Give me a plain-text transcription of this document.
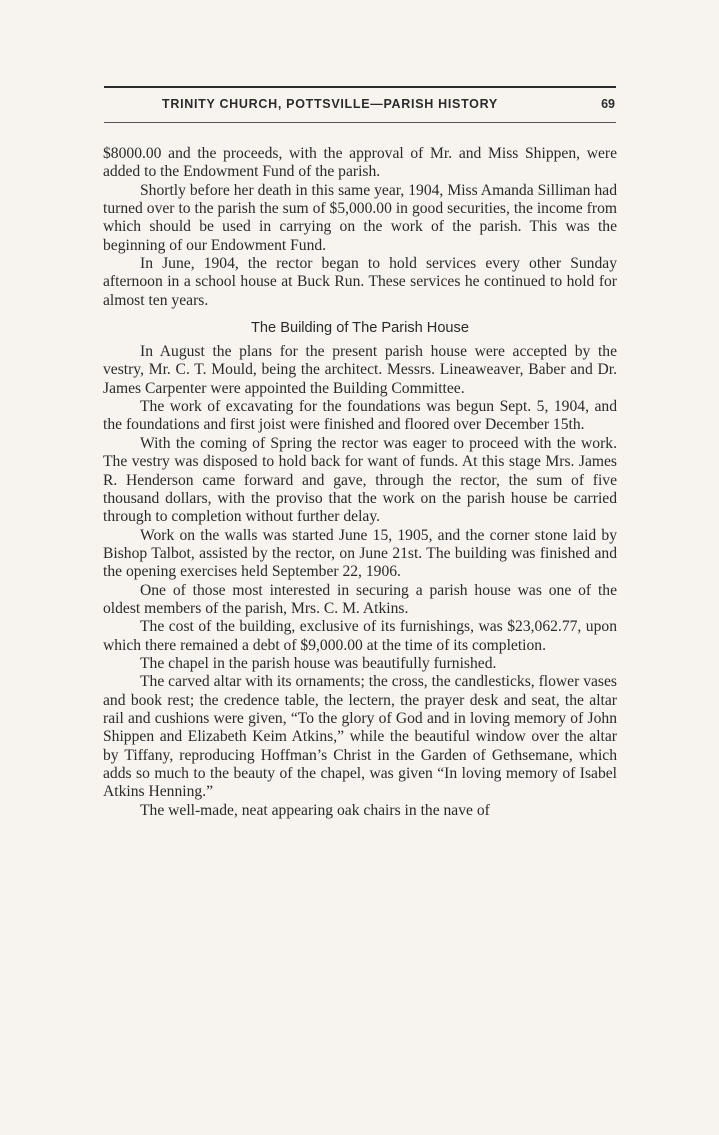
TRINITY CHURCH, POTTSVILLE—PARISH HISTORY	69

$8000.00 and the proceeds, with the approval of Mr. and Miss Shippen, were added to the Endowment Fund of the parish.

Shortly before her death in this same year, 1904, Miss Amanda Silliman had turned over to the parish the sum of $5,000.00 in good securities, the income from which should be used in carrying on the work of the parish. This was the beginning of our Endowment Fund.

In June, 1904, the rector began to hold services every other Sunday afternoon in a school house at Buck Run. These services he continued to hold for almost ten years.

The Building of The Parish House

In August the plans for the present parish house were accepted by the vestry, Mr. C. T. Mould, being the architect. Messrs. Lineaweaver, Baber and Dr. James Carpenter were appointed the Building Committee.

The work of excavating for the foundations was begun Sept. 5, 1904, and the foundations and first joist were finished and floored over December 15th.

With the coming of Spring the rector was eager to proceed with the work. The vestry was disposed to hold back for want of funds. At this stage Mrs. James R. Henderson came forward and gave, through the rector, the sum of five thousand dollars, with the proviso that the work on the parish house be carried through to completion without further delay.

Work on the walls was started June 15, 1905, and the corner stone laid by Bishop Talbot, assisted by the rector, on June 21st. The building was finished and the opening exercises held September 22, 1906.

One of those most interested in securing a parish house was one of the oldest members of the parish, Mrs. C. M. Atkins.

The cost of the building, exclusive of its furnishings, was $23,062.77, upon which there remained a debt of $9,000.00 at the time of its completion.

The chapel in the parish house was beautifully furnished.

The carved altar with its ornaments; the cross, the candlesticks, flower vases and book rest; the credence table, the lectern, the prayer desk and seat, the altar rail and cushions were given, “To the glory of God and in loving memory of John Shippen and Elizabeth Keim Atkins,” while the beautiful window over the altar by Tiffany, reproducing Hoffman’s Christ in the Garden of Gethsemane, which adds so much to the beauty of the chapel, was given “In loving memory of Isabel Atkins Henning.”

The well-made, neat appearing oak chairs in the nave of
